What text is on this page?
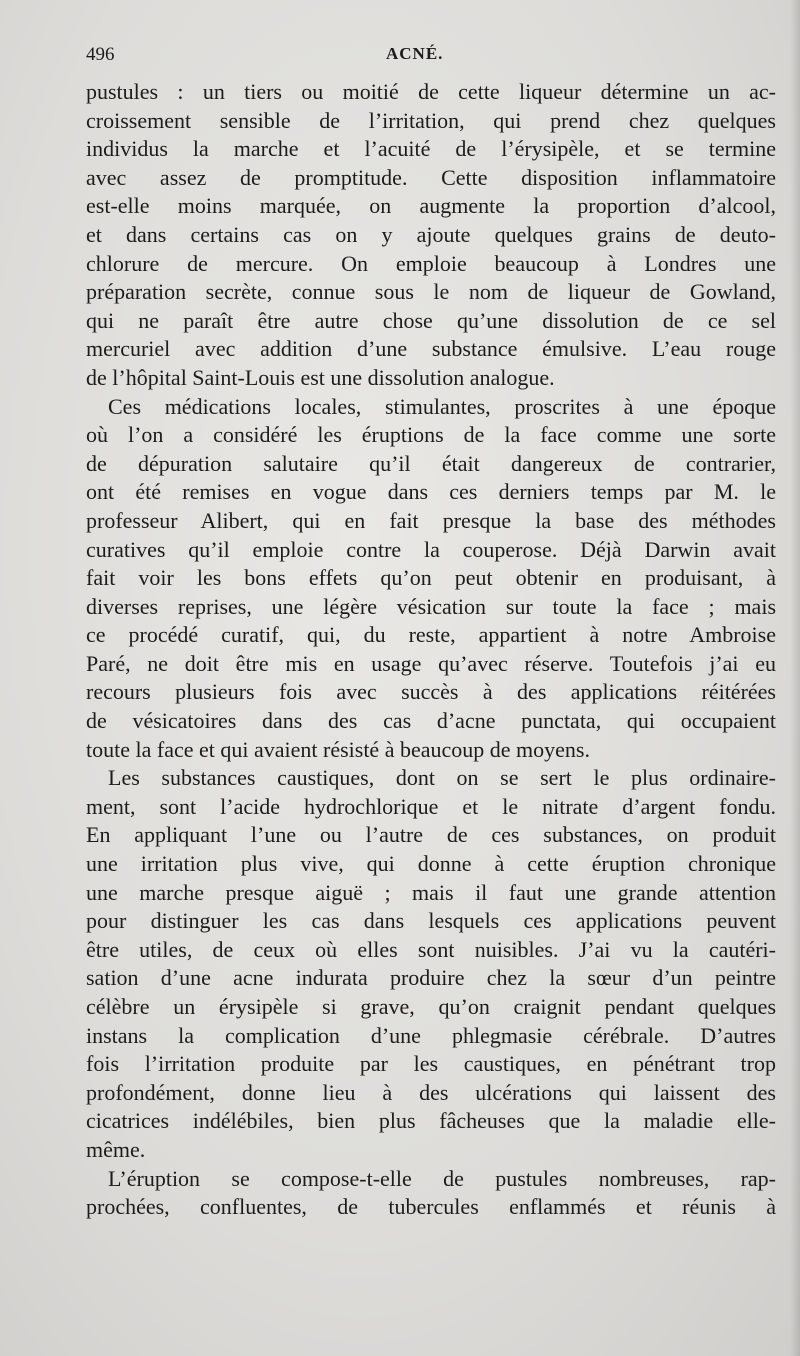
496	ACNÉ.
pustules : un tiers ou moitié de cette liqueur détermine un ac-
croissement sensible de l’irritation, qui prend chez quelques
individus la marche et l’acuité de l’érysipèle, et se termine
avec assez de promptitude. Cette disposition inflammatoire
est-elle moins marquée, on augmente la proportion d’alcool,
et dans certains cas on y ajoute quelques grains de deuto-
chlorure de mercure. On emploie beaucoup à Londres une
préparation secrète, connue sous le nom de liqueur de Gowland,
qui ne paraît être autre chose qu’une dissolution de ce sel
mercuriel avec addition d’une substance émulsive. L’eau rouge
de l’hôpital Saint-Louis est une dissolution analogue.
Ces médications locales, stimulantes, proscrites à une époque
où l’on a considéré les éruptions de la face comme une sorte
de dépuration salutaire qu’il était dangereux de contrarier,
ont été remises en vogue dans ces derniers temps par M. le
professeur Alibert, qui en fait presque la base des méthodes
curatives qu’il emploie contre la couperose. Déjà Darwin avait
fait voir les bons effets qu’on peut obtenir en produisant, à
diverses reprises, une légère vésication sur toute la face ; mais
ce procédé curatif, qui, du reste, appartient à notre Ambroise
Paré, ne doit être mis en usage qu’avec réserve. Toutefois j’ai eu
recours plusieurs fois avec succès à des applications réitérées
de vésicatoires dans des cas d’acne punctata, qui occupaient
toute la face et qui avaient résisté à beaucoup de moyens.
Les substances caustiques, dont on se sert le plus ordinaire-
ment, sont l’acide hydrochlorique et le nitrate d’argent fondu.
En appliquant l’une ou l’autre de ces substances, on produit
une irritation plus vive, qui donne à cette éruption chronique
une marche presque aiguë ; mais il faut une grande attention
pour distinguer les cas dans lesquels ces applications peuvent
être utiles, de ceux où elles sont nuisibles. J’ai vu la cautéri-
sation d’une acne indurata produire chez la sœur d’un peintre
célèbre un érysipèle si grave, qu’on craignit pendant quelques
instans la complication d’une phlegmasie cérébrale. D’autres
fois l’irritation produite par les caustiques, en pénétrant trop
profondément, donne lieu à des ulcérations qui laissent des
cicatrices indélébiles, bien plus fâcheuses que la maladie elle-
même.
L’éruption se compose-t-elle de pustules nombreuses, rap-
prochées, confluentes, de tubercules enflammés et réunis à
